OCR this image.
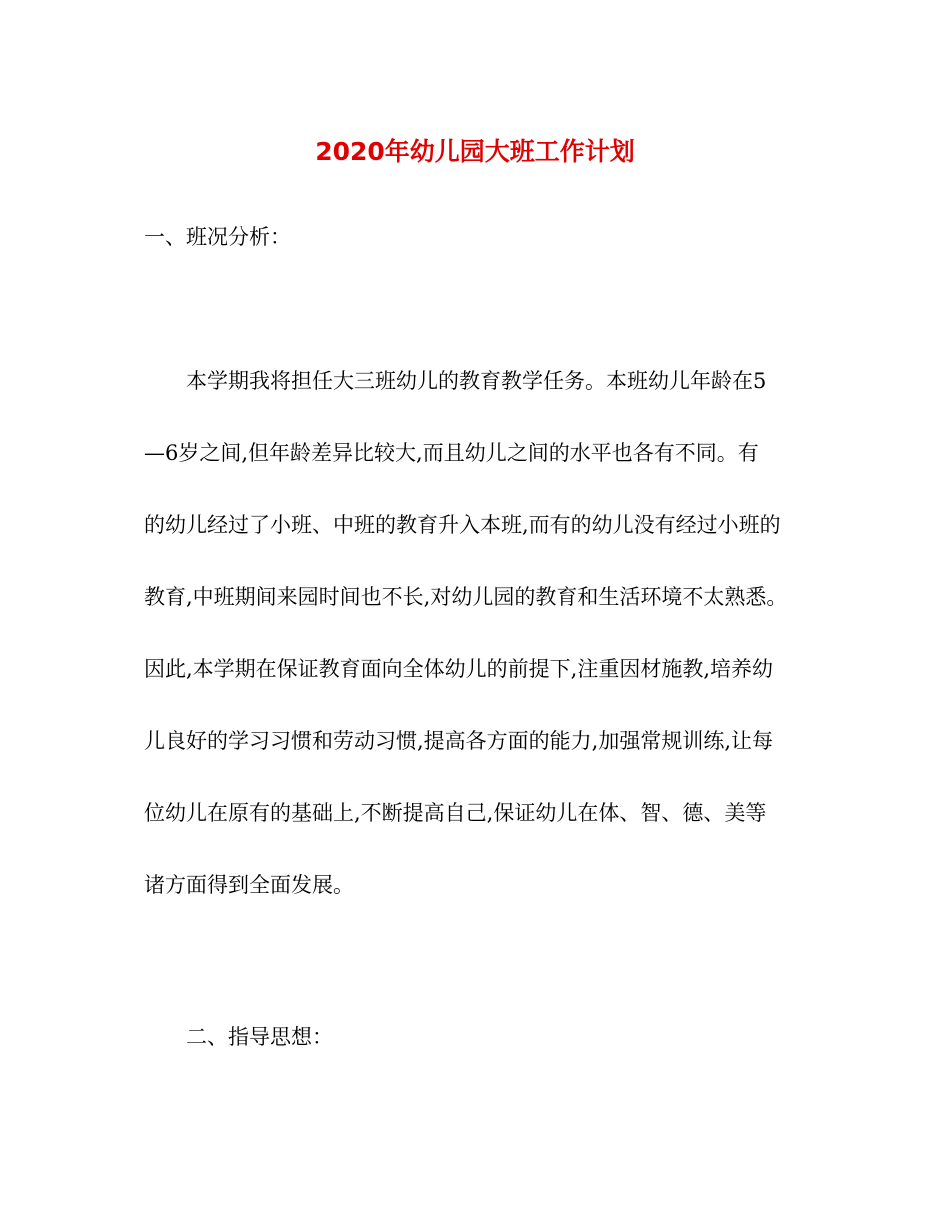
2020年幼儿园大班工作计划
一、班况分析：
本学期我将担任大三班幼儿的教育教学任务。本班幼儿年龄在5
—6岁之间,但年龄差异比较大,而且幼儿之间的水平也各有不同。有
的幼儿经过了小班、中班的教育升入本班,而有的幼儿没有经过小班的
教育,中班期间来园时间也不长,对幼儿园的教育和生活环境不太熟悉。
因此,本学期在保证教育面向全体幼儿的前提下,注重因材施教,培养幼
儿良好的学习习惯和劳动习惯,提高各方面的能力,加强常规训练,让每
位幼儿在原有的基础上,不断提高自己,保证幼儿在体、智、德、美等
诸方面得到全面发展。
二、指导思想：
